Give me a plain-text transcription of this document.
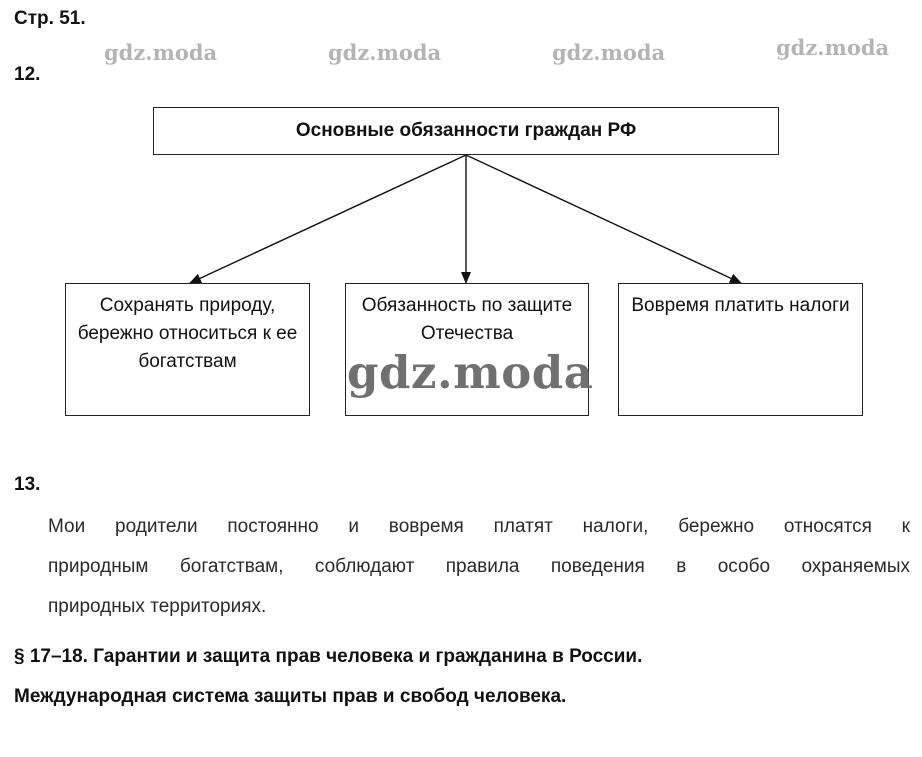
Стр. 51.
gdz.moda	gdz.moda	gdz.moda	gdz.moda
12.
Основные обязанности граждан РФ
Сохранять природу, бережно относиться к ее богатствам
Обязанность по защите Отечества
Вовремя платить налоги
gdz.moda
13.
Мои родители постоянно и вовремя платят налоги, бережно относятся к
природным богатствам, соблюдают правила поведения в особо охраняемых
природных территориях.
§ 17–18. Гарантии и защита прав человека и гражданина в России.
Международная система защиты прав и свобод человека.
